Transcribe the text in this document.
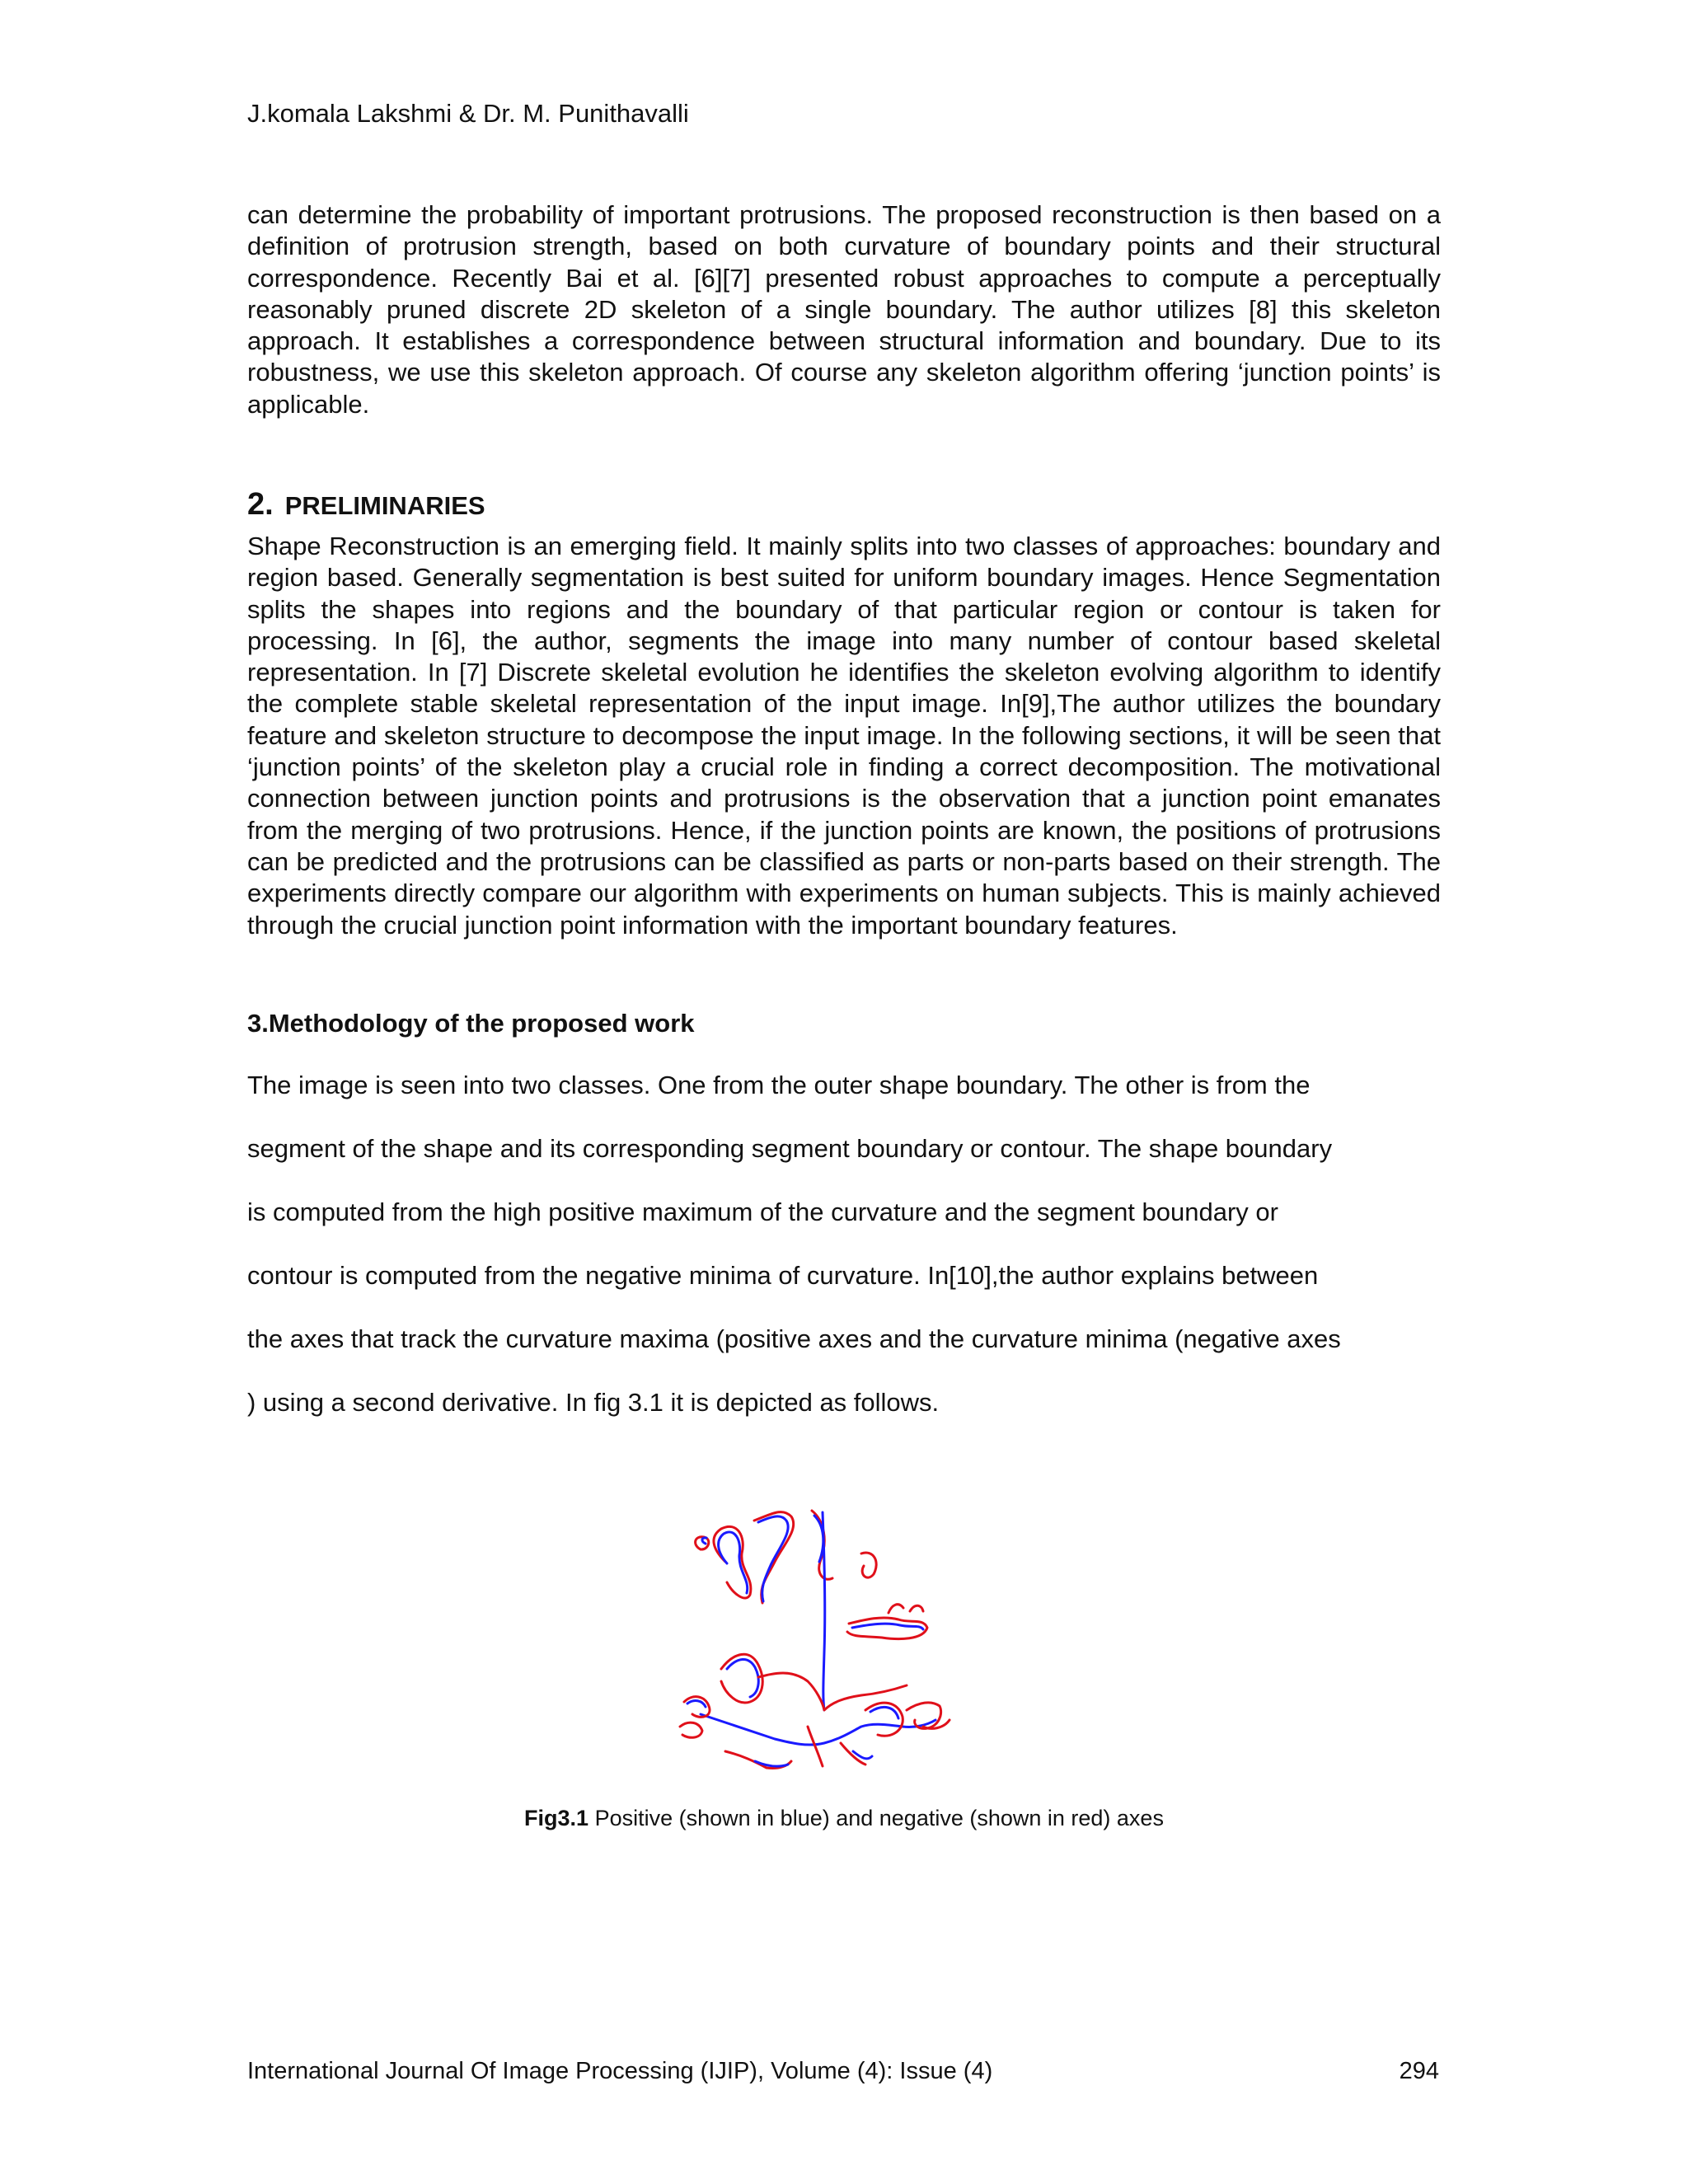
J.komala Lakshmi & Dr. M. Punithavalli

can determine the probability of important protrusions. The proposed reconstruction is then based on a definition of protrusion strength, based on both curvature of boundary points and their structural correspondence. Recently Bai et al. [6][7] presented robust approaches to compute a perceptually reasonably pruned discrete 2D skeleton of a single boundary. The author utilizes [8] this skeleton approach. It establishes a correspondence between structural information and boundary. Due to its robustness, we use this skeleton approach. Of course any skeleton algorithm offering ‘junction points’ is applicable.

2. PRELIMINARIES

Shape Reconstruction is an emerging field. It mainly splits into two classes of approaches: boundary and region based. Generally segmentation is best suited for uniform boundary images. Hence Segmentation splits the shapes into regions and the boundary of that particular region or contour is taken for processing. In [6], the author, segments the image into many number of contour based skeletal representation. In [7] Discrete skeletal evolution he identifies the skeleton evolving algorithm to identify the complete stable skeletal representation of the input image. In[9],The author utilizes the boundary feature and skeleton structure to decompose the input image. In the following sections, it will be seen that ‘junction points’ of the skeleton play a crucial role in finding a correct decomposition. The motivational connection between junction points and protrusions is the observation that a junction point emanates from the merging of two protrusions. Hence, if the junction points are known, the positions of protrusions can be predicted and the protrusions can be classified as parts or non-parts based on their strength. The experiments directly compare our algorithm with experiments on human subjects. This is mainly achieved through the crucial junction point information with the important boundary features.

3.Methodology of the proposed work
The image is seen into two classes. One from the outer shape boundary. The other is from the
segment of the shape and its corresponding segment boundary or contour. The shape boundary
is computed from the high positive maximum of the curvature and the segment boundary or
contour is computed from the negative minima of curvature. In[10],the author explains between
the axes that track the curvature maxima (positive axes and the curvature minima (negative axes
) using a second derivative. In fig 3.1 it is depicted as follows.
Fig3.1 Positive (shown in blue) and negative (shown in red) axes
International Journal Of Image Processing (IJIP), Volume (4): Issue (4)	294
